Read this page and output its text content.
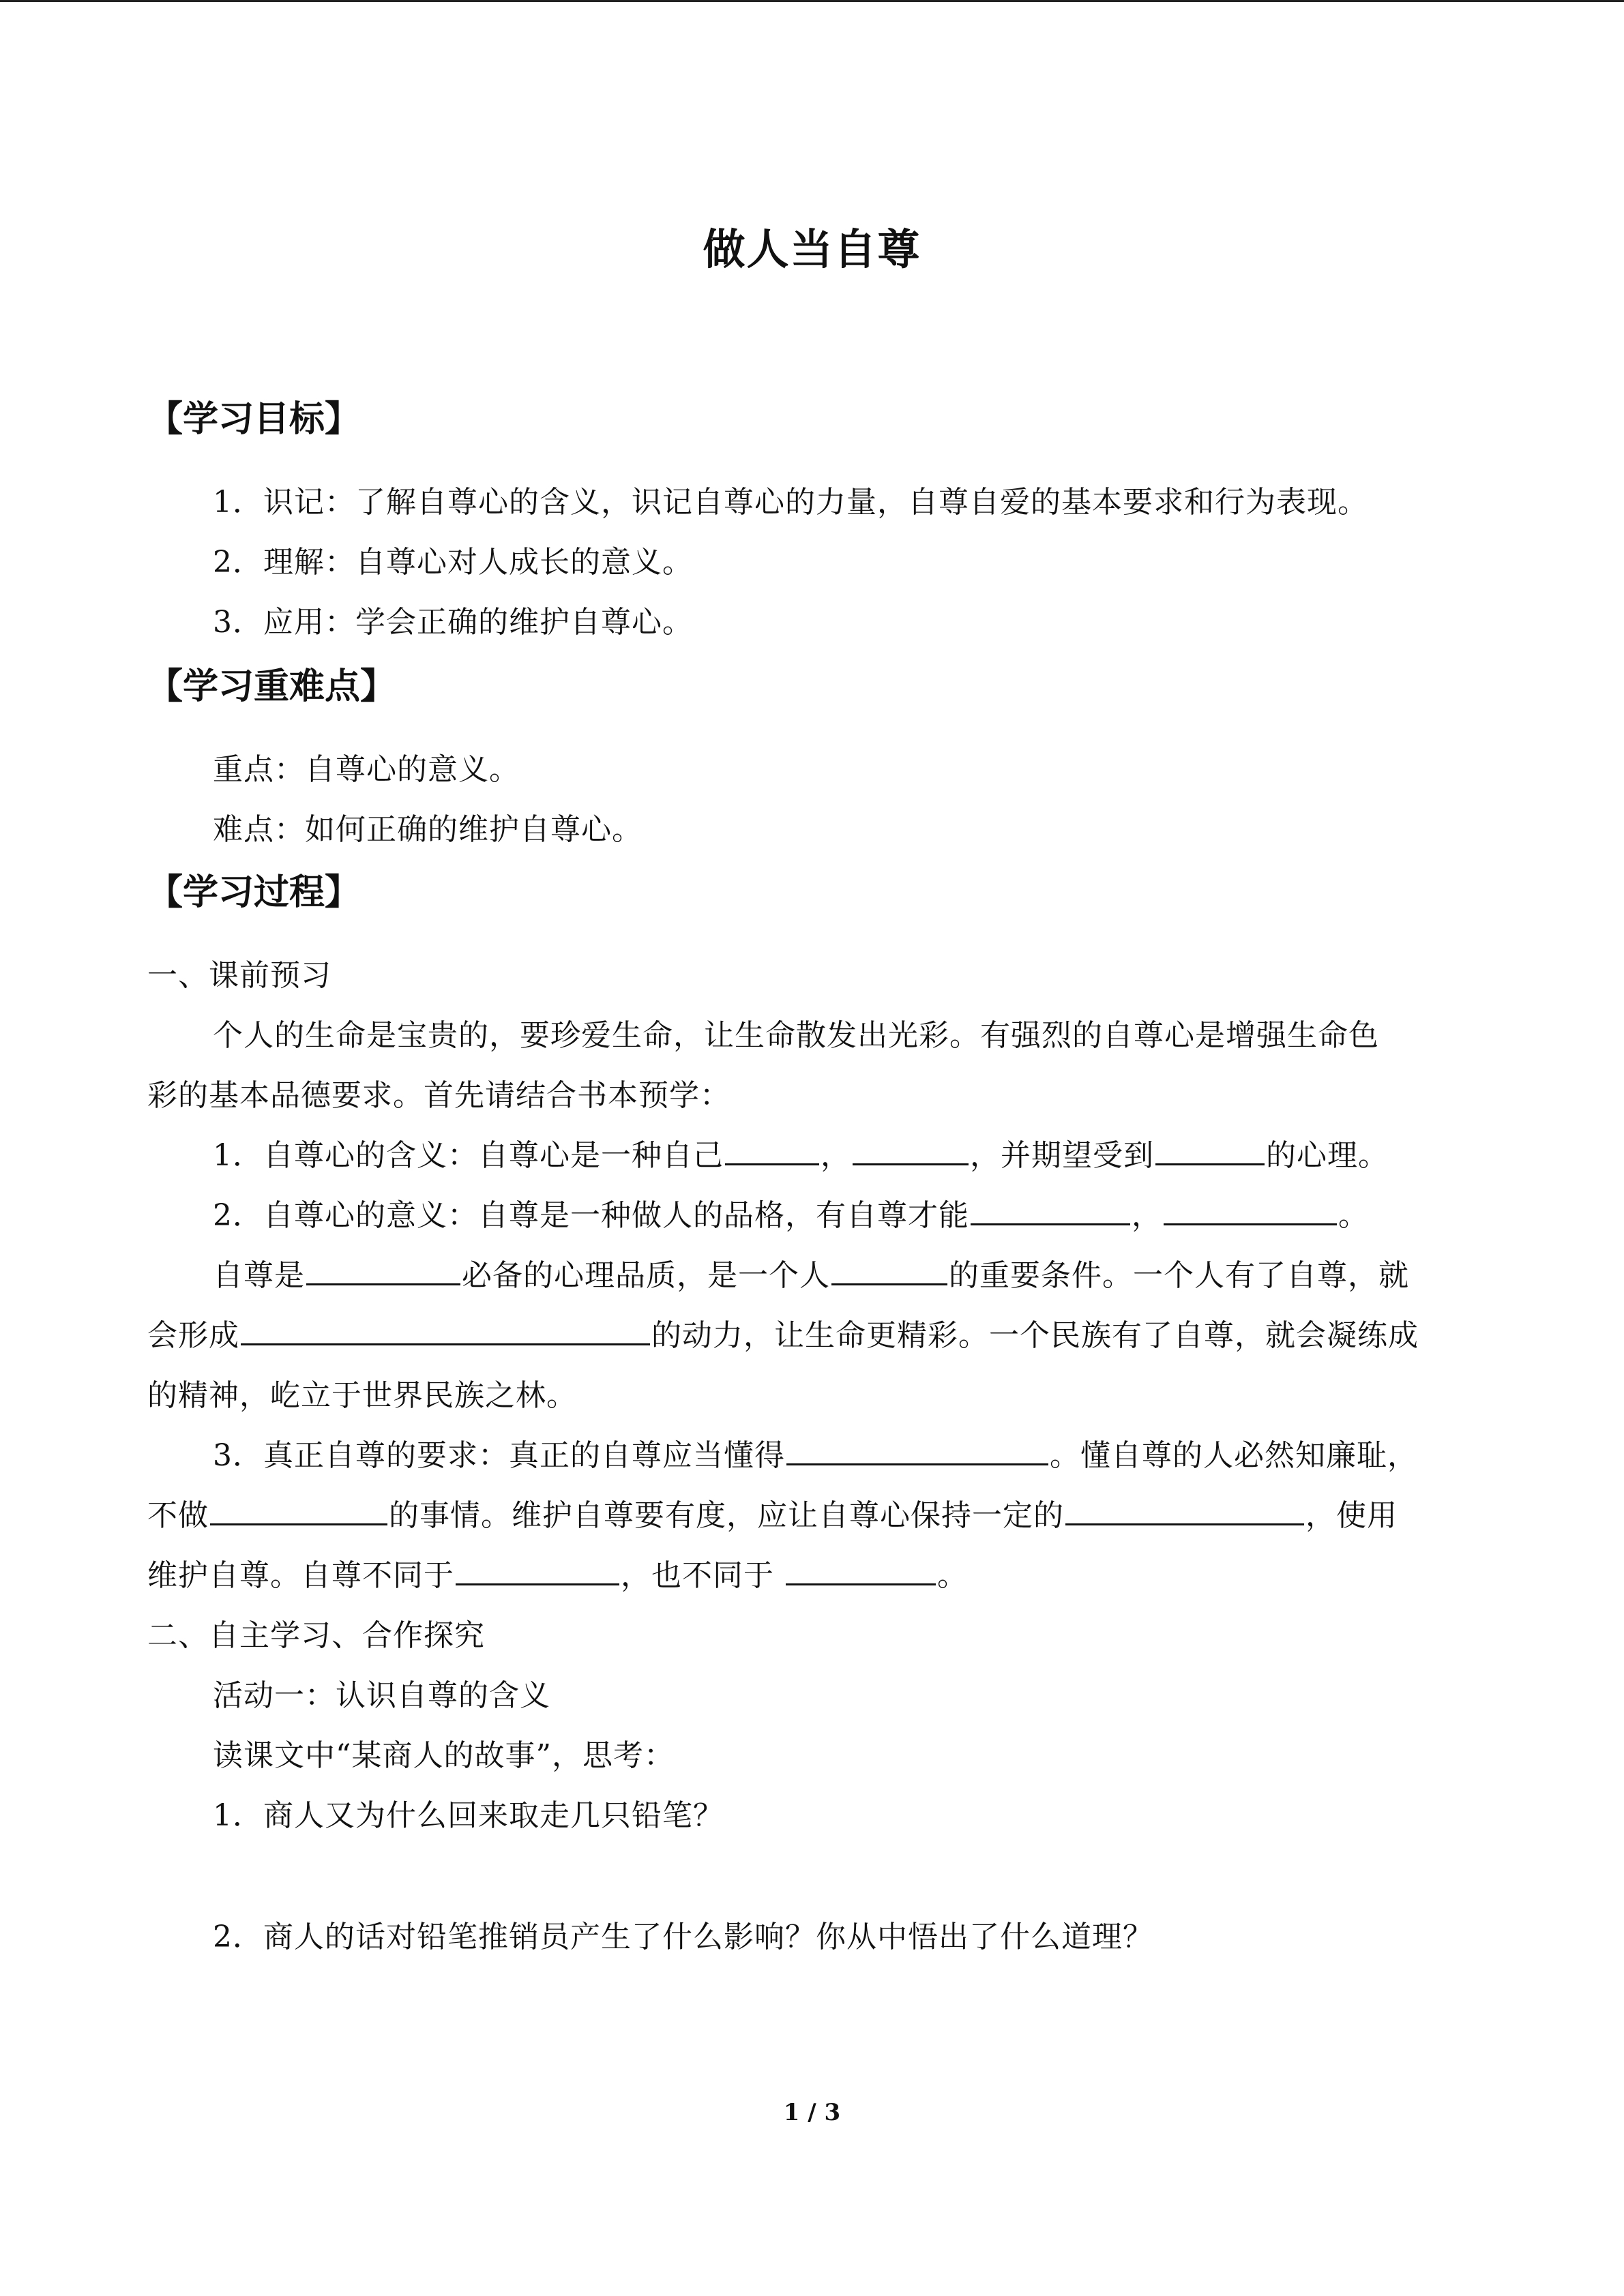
做人当自尊
【学习目标】
1．识记：了解自尊心的含义，识记自尊心的力量，自尊自爱的基本要求和行为表现。
2．理解：自尊心对人成长的意义。
3．应用：学会正确的维护自尊心。
【学习重难点】
重点：自尊心的意义。
难点：如何正确的维护自尊心。
【学习过程】
一、课前预习
个人的生命是宝贵的，要珍爱生命，让生命散发出光彩。有强烈的自尊心是增强生命色
彩的基本品德要求。首先请结合书本预学：
1．自尊心的含义：自尊心是一种自己	，	，并期望受到	的心理。
2．自尊心的意义：自尊是一种做人的品格，有自尊才能	，	。
自尊是	必备的心理品质，是一个人	的重要条件。一个人有了自尊，就
会形成	的动力，让生命更精彩。一个民族有了自尊，就会凝练成
的精神，屹立于世界民族之林。
3．真正自尊的要求：真正的自尊应当懂得	。懂自尊的人必然知廉耻，
不做	的事情。维护自尊要有度，应让自尊心保持一定的	，使用
维护自尊。自尊不同于	，也不同于	。
二、自主学习、合作探究
活动一：认识自尊的含义
读课文中“某商人的故事”，思考：
1．商人又为什么回来取走几只铅笔？
2．商人的话对铅笔推销员产生了什么影响？你从中悟出了什么道理？
1 / 3
